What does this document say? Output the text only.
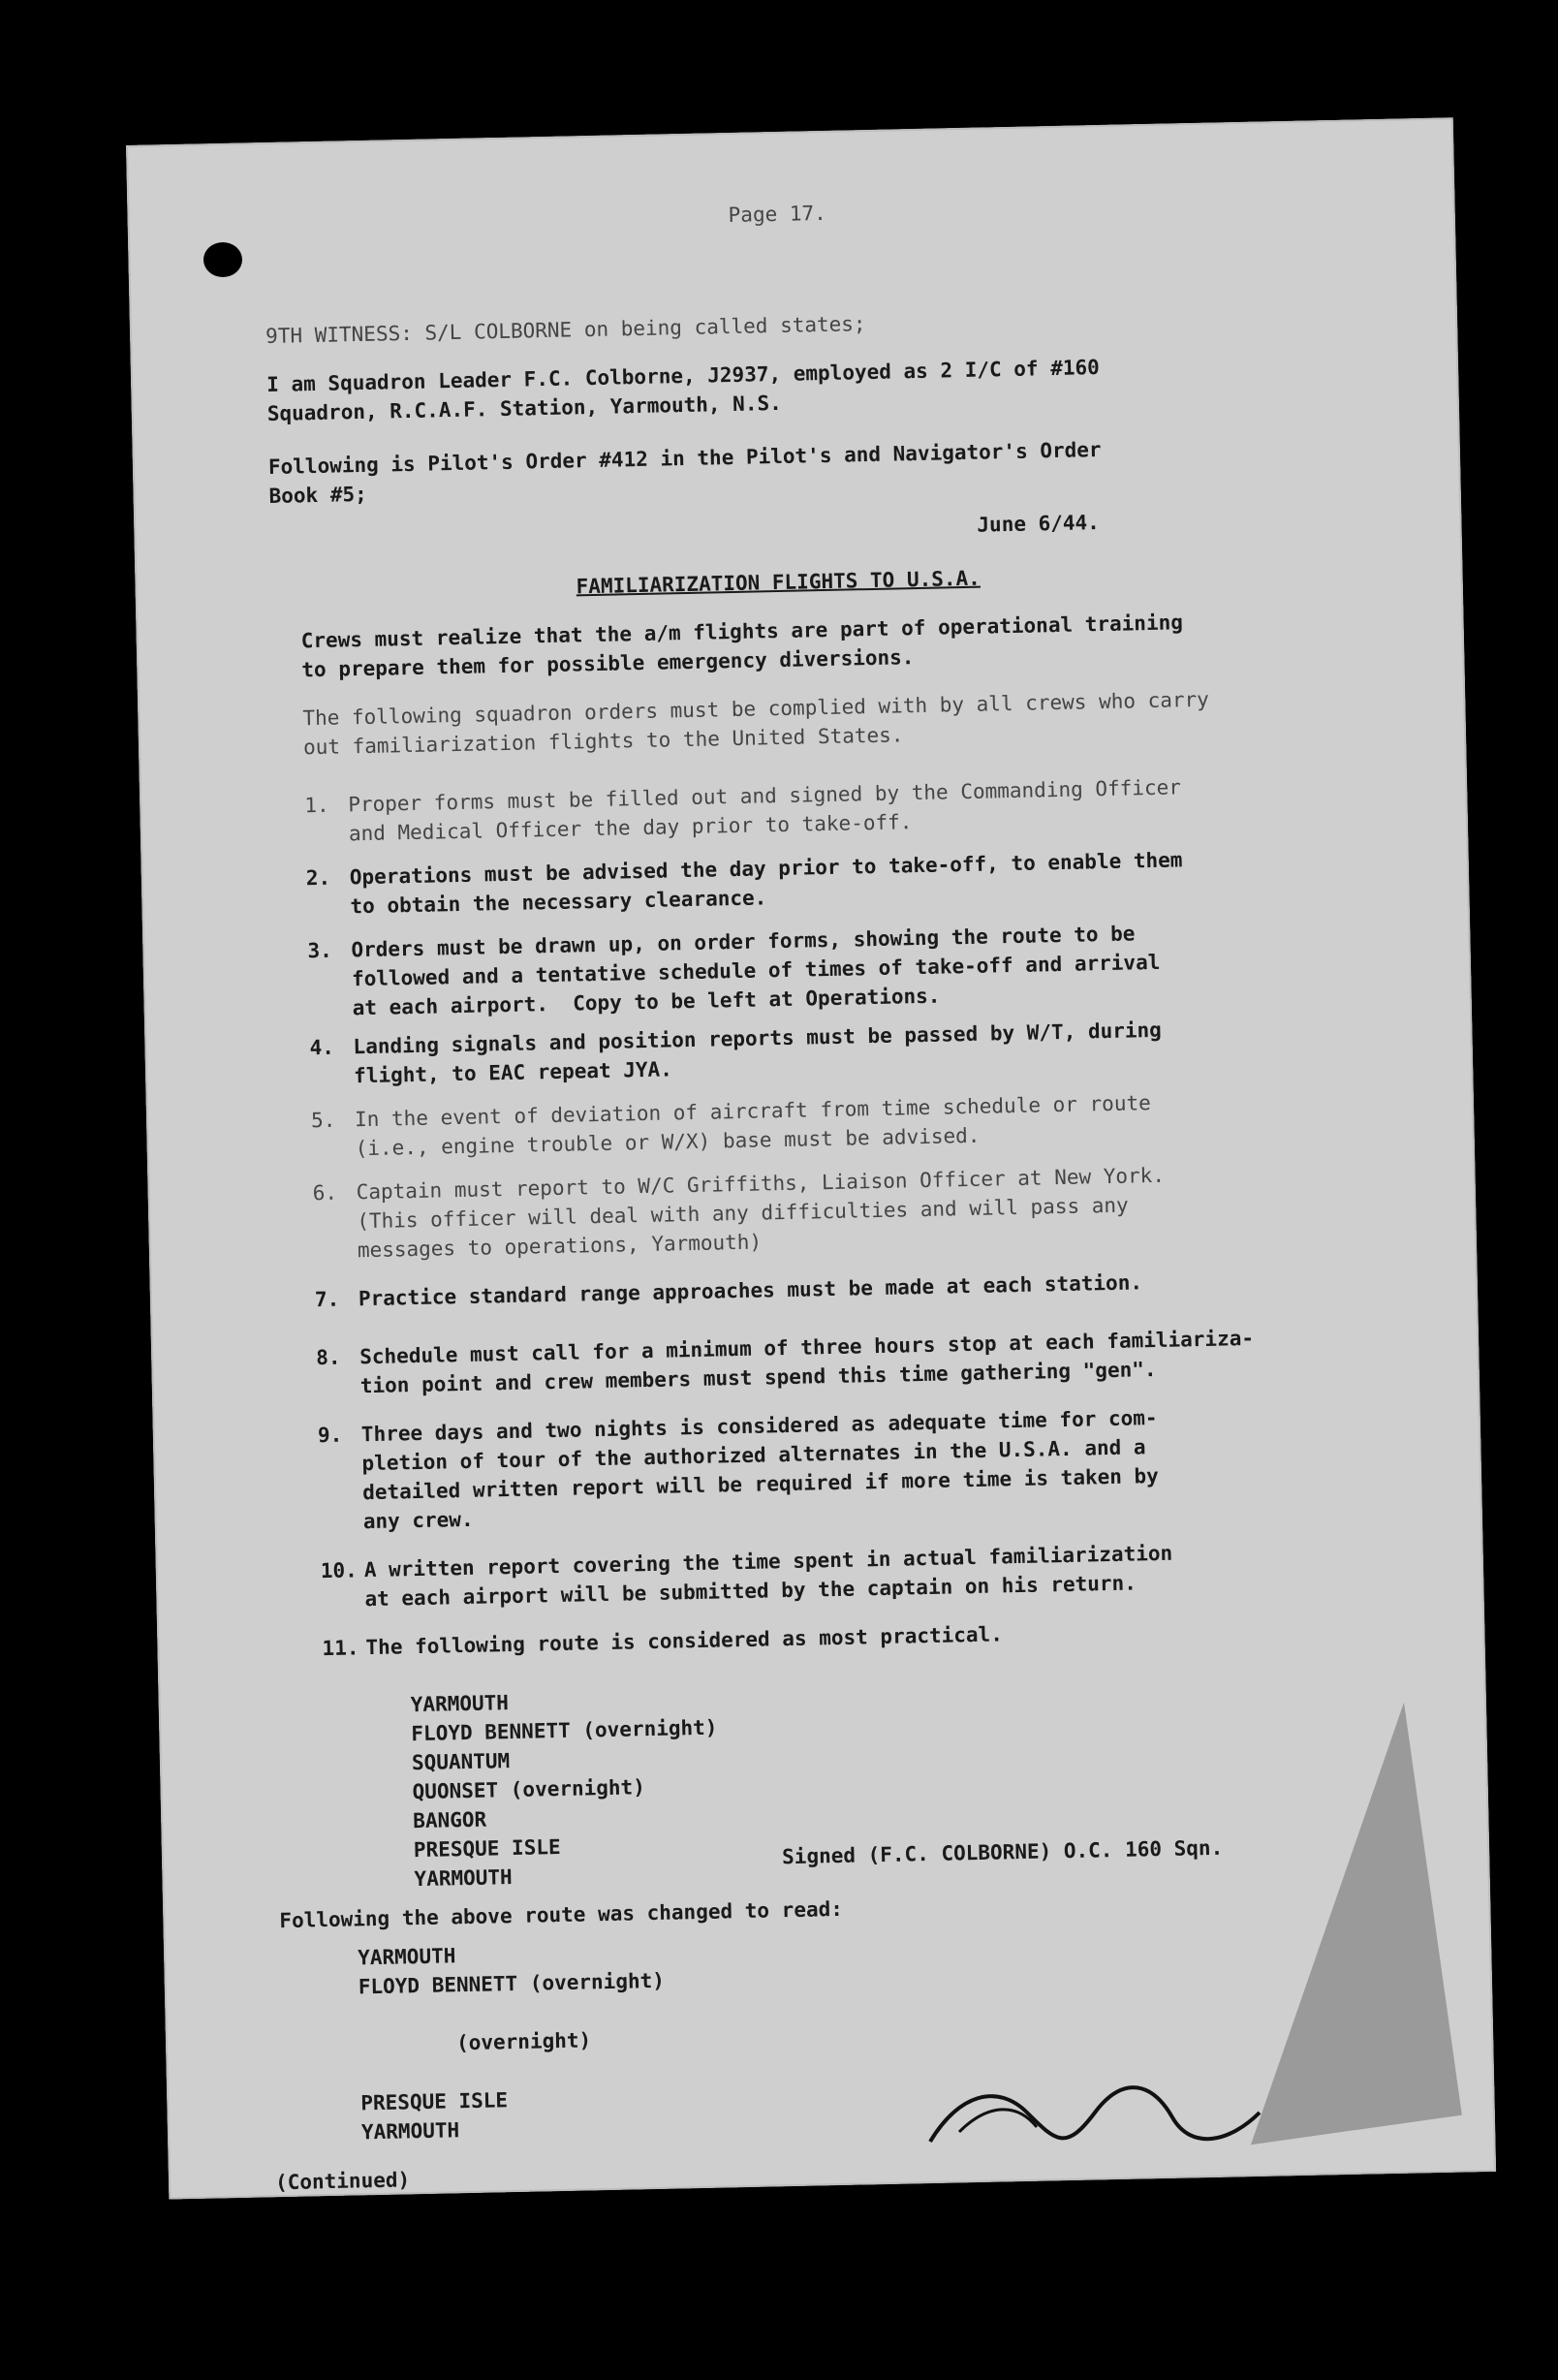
Page 17.
9TH WITNESS: S/L COLBORNE on being called states;
I am Squadron Leader F.C. Colborne, J2937, employed as 2 I/C of #160
Squadron, R.C.A.F. Station, Yarmouth, N.S.
Following is Pilot's Order #412 in the Pilot's and Navigator's Order
Book #5;
June 6/44.
FAMILIARIZATION FLIGHTS TO U.S.A.
Crews must realize that the a/m flights are part of operational training
to prepare them for possible emergency diversions.
The following squadron orders must be complied with by all crews who carry
out familiarization flights to the United States.
1. Proper forms must be filled out and signed by the Commanding Officer
and Medical Officer the day prior to take-off.
2. Operations must be advised the day prior to take-off, to enable them
to obtain the necessary clearance.
3. Orders must be drawn up, on order forms, showing the route to be
followed and a tentative schedule of times of take-off and arrival
at each airport.  Copy to be left at Operations.
4. Landing signals and position reports must be passed by W/T, during
flight, to EAC repeat JYA.
5. In the event of deviation of aircraft from time schedule or route
(i.e., engine trouble or W/X) base must be advised.
6. Captain must report to W/C Griffiths, Liaison Officer at New York.
(This officer will deal with any difficulties and will pass any
messages to operations, Yarmouth)
7. Practice standard range approaches must be made at each station.
8. Schedule must call for a minimum of three hours stop at each familiariza-
tion point and crew members must spend this time gathering "gen".
9. Three days and two nights is considered as adequate time for com-
pletion of tour of the authorized alternates in the U.S.A. and a
detailed written report will be required if more time is taken by
any crew.
10. A written report covering the time spent in actual familiarization
at each airport will be submitted by the captain on his return.
11. The following route is considered as most practical.
YARMOUTH
FLOYD BENNETT (overnight)
SQUANTUM
QUONSET (overnight)
BANGOR
PRESQUE ISLE
YARMOUTH
Signed (F.C. COLBORNE) O.C. 160 Sqn.
Following the above route was changed to read:
YARMOUTH
FLOYD BENNETT (overnight)
(overnight)
PRESQUE ISLE
YARMOUTH
(Continued)
